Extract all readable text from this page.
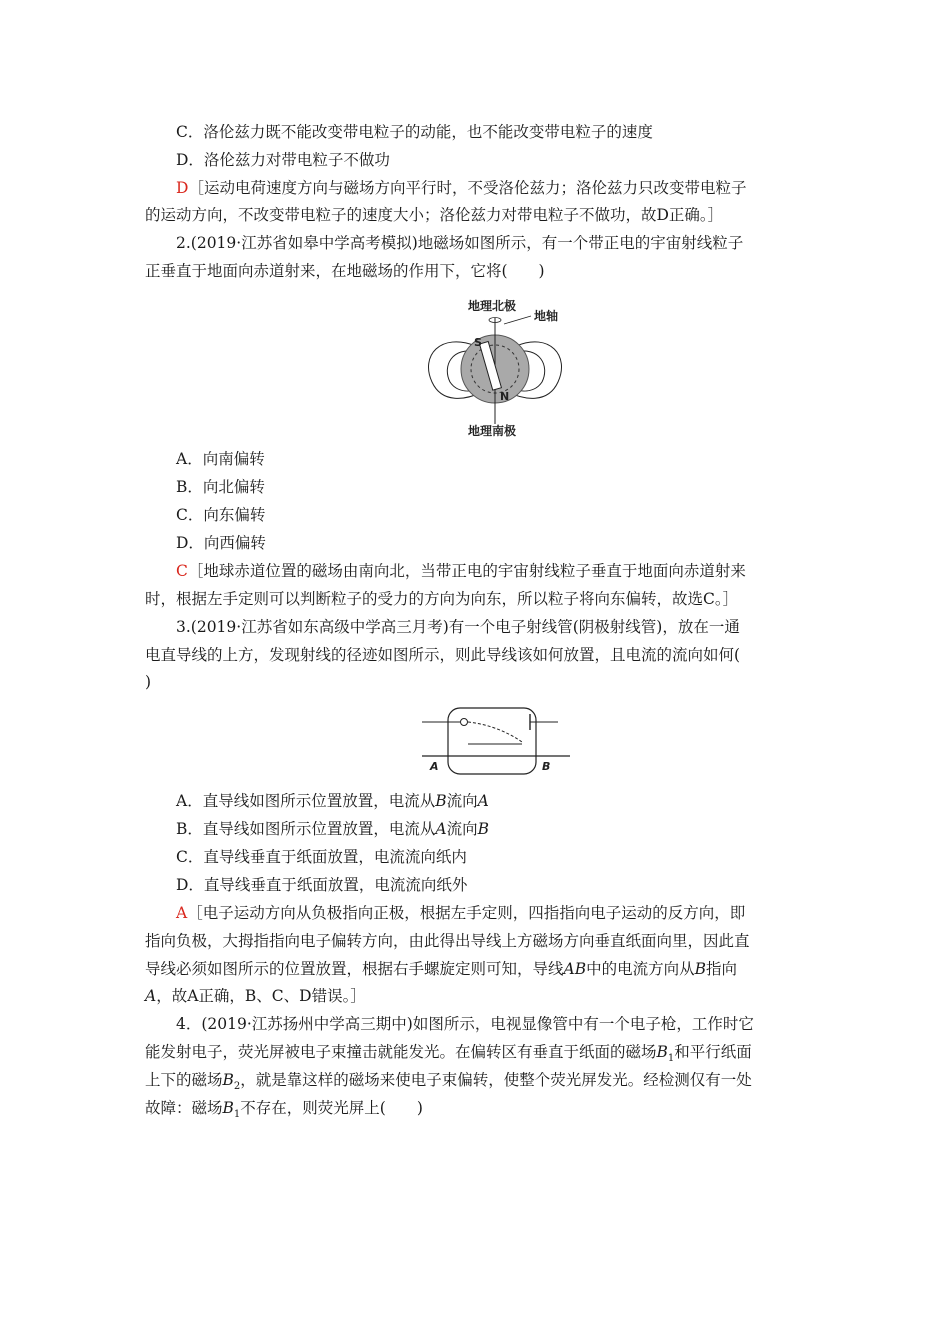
C．洛伦兹力既不能改变带电粒子的动能，也不能改变带电粒子的速度
D．洛伦兹力对带电粒子不做功
D［运动电荷速度方向与磁场方向平行时，不受洛伦兹力；洛伦兹力只改变带电粒子
的运动方向，不改变带电粒子的速度大小；洛伦兹力对带电粒子不做功，故D正确。］
2.(2019·江苏省如皋中学高考模拟)地磁场如图所示，有一个带正电的宇宙射线粒子
正垂直于地面向赤道射来，在地磁场的作用下，它将(　　)
地理北极
地轴
S
N
地理南极
A．向南偏转
B．向北偏转
C．向东偏转
D．向西偏转
C［地球赤道位置的磁场由南向北，当带正电的宇宙射线粒子垂直于地面向赤道射来
时，根据左手定则可以判断粒子的受力的方向为向东，所以粒子将向东偏转，故选C。］
3.(2019·江苏省如东高级中学高三月考)有一个电子射线管(阴极射线管)，放在一通
电直导线的上方，发现射线的径迹如图所示，则此导线该如何放置，且电流的流向如何(
)
A	B
A．直导线如图所示位置放置，电流从B流向A
B．直导线如图所示位置放置，电流从A流向B
C．直导线垂直于纸面放置，电流流向纸内
D．直导线垂直于纸面放置，电流流向纸外
A［电子运动方向从负极指向正极，根据左手定则，四指指向电子运动的反方向，即
指向负极，大拇指指向电子偏转方向，由此得出导线上方磁场方向垂直纸面向里，因此直
导线必须如图所示的位置放置，根据右手螺旋定则可知，导线AB中的电流方向从B指向
A，故A正确，B、C、D错误。］
4．(2019·江苏扬州中学高三期中)如图所示，电视显像管中有一个电子枪，工作时它
能发射电子，荧光屏被电子束撞击就能发光。在偏转区有垂直于纸面的磁场$B_1$和平行纸面
上下的磁场$B_2$，就是靠这样的磁场来使电子束偏转，使整个荧光屏发光。经检测仅有一处
故障：磁场$B_1$不存在，则荧光屏上(　　)
